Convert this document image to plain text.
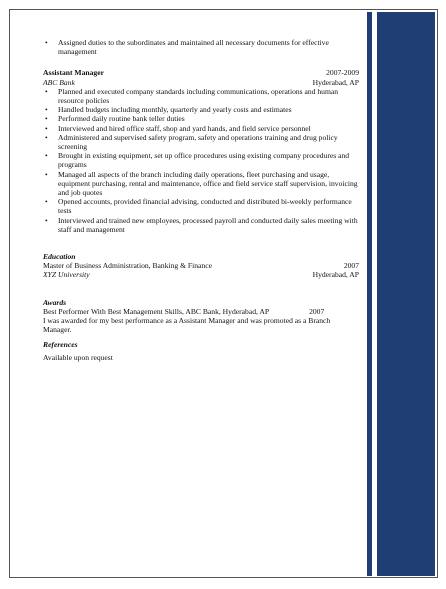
• Assigned duties to the subordinates and maintained all necessary documents for effective management
Assistant Manager	2007-2009
ABC Bank	Hyderabad, AP
• Planned and executed company standards including communications, operations and human resource policies
• Handled budgets including monthly, quarterly and yearly costs and estimates
• Performed daily routine bank teller duties
• Interviewed and hired office staff, shop and yard hands, and field service personnel
• Administered and supervised safety program, safety and operations training and drug policy screening
• Brought in existing equipment, set up office procedures using existing company procedures and programs
• Managed all aspects of the branch including daily operations, fleet purchasing and usage, equipment purchasing, rental and maintenance, office and field service staff supervision, invoicing and job quotes
• Opened accounts, provided financial advising, conducted and distributed bi-weekly performance tests
• Interviewed and trained new employees, processed payroll and conducted daily sales meeting with staff and management
Education
Master of Business Administration, Banking & Finance	2007
XYZ University	Hyderabad, AP
Awards
Best Performer With Best Management Skills, ABC Bank, Hyderabad, AP	2007
I was awarded for my best performance as a Assistant Manager and was promoted as a Branch Manager.
References
Available upon request
